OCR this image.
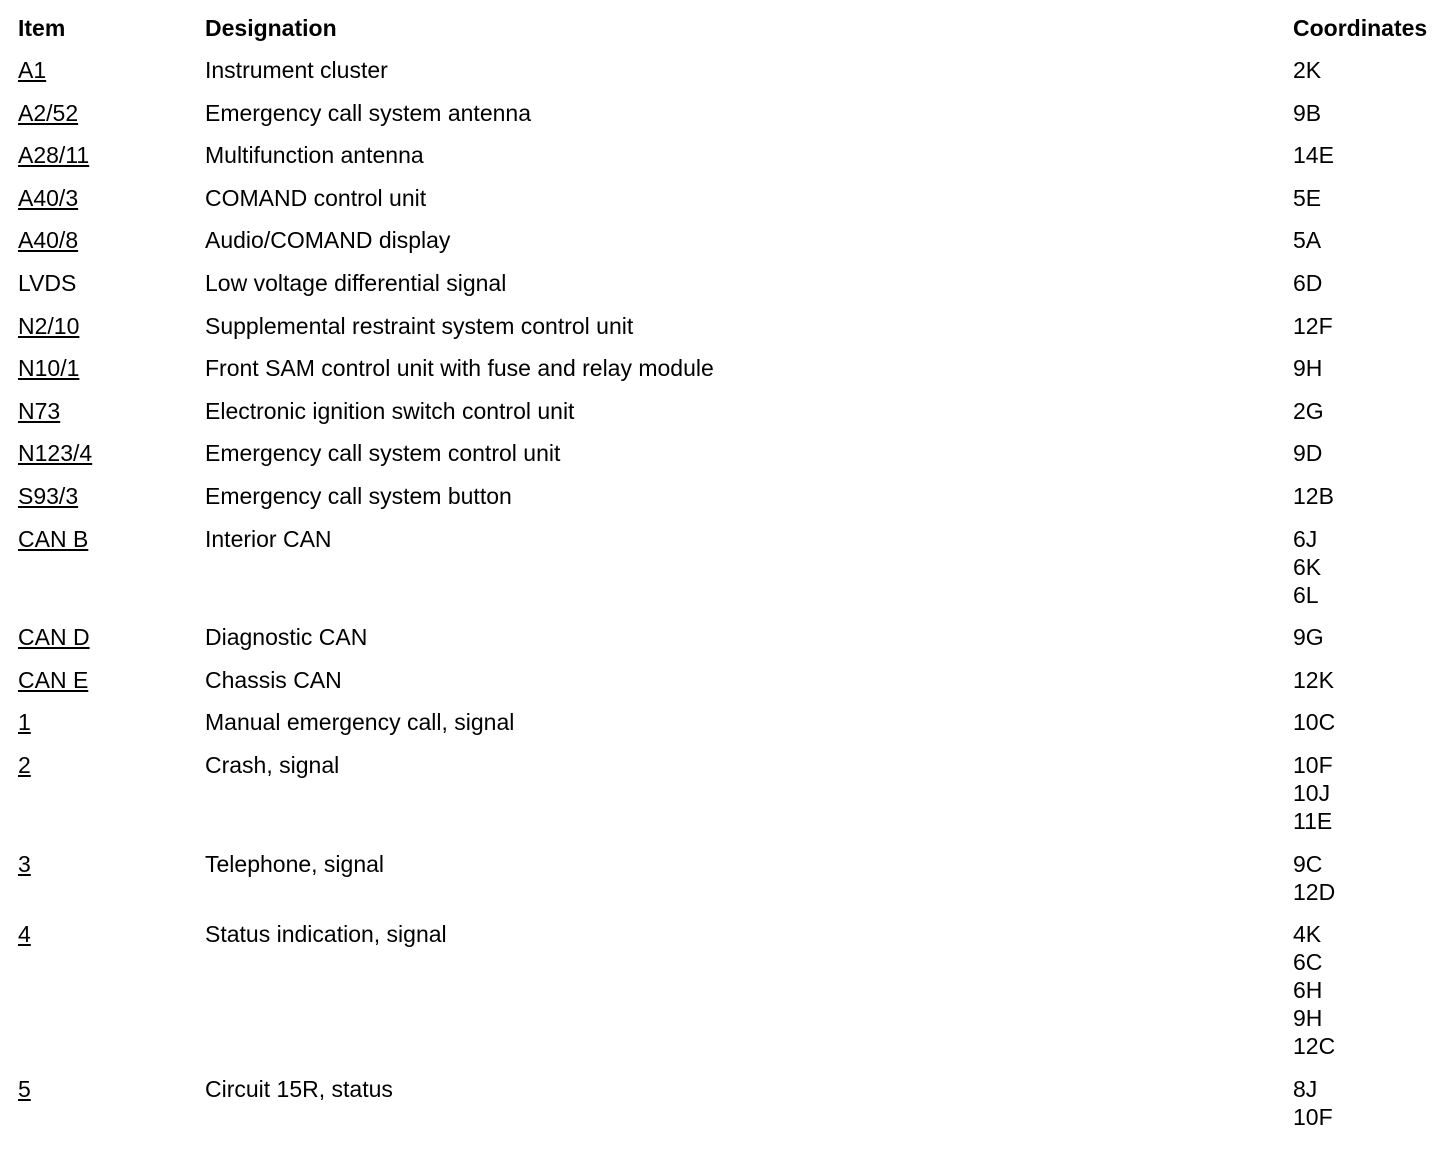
Item	Designation	Coordinates
A1	Instrument cluster	2K

A2/52	Emergency call system antenna	9B

A28/11	Multifunction antenna	14E

A40/3	COMAND control unit	5E

A40/8	Audio/COMAND display	5A

LVDS	Low voltage differential signal	6D

N2/10	Supplemental restraint system control unit	12F

N10/1	Front SAM control unit with fuse and relay module	9H

N73	Electronic ignition switch control unit	2G

N123/4	Emergency call system control unit	9D

S93/3	Emergency call system button	12B

CAN B	Interior CAN	6J
6K
6L

CAN D	Diagnostic CAN	9G

CAN E	Chassis CAN	12K

1	Manual emergency call, signal	10C

2	Crash, signal	10F
10J
11E

3	Telephone, signal	9C
12D

4	Status indication, signal	4K
6C
6H
9H
12C

5	Circuit 15R, status	8J
10F
